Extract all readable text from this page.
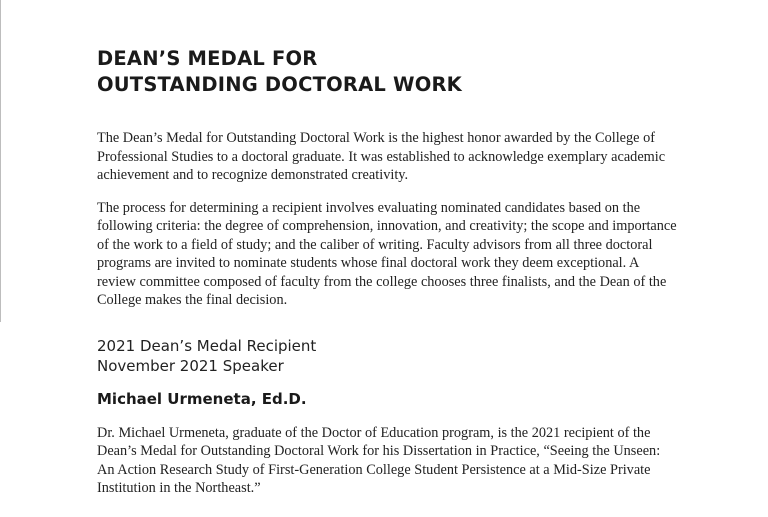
DEAN’S MEDAL FOR
OUTSTANDING DOCTORAL WORK

The Dean’s Medal for Outstanding Doctoral Work is the highest honor awarded by the College of Professional Studies to a doctoral graduate. It was established to acknowledge exemplary academic achievement and to recognize demonstrated creativity.

The process for determining a recipient involves evaluating nominated candidates based on the following criteria: the degree of comprehension, innovation, and creativity; the scope and importance of the work to a field of study; and the caliber of writing. Faculty advisors from all three doctoral programs are invited to nominate students whose final doctoral work they deem exceptional. A review committee composed of faculty from the college chooses three finalists, and the Dean of the College makes the final decision.

2021 Dean’s Medal Recipient
November 2021 Speaker
Michael Urmeneta, Ed.D.

Dr. Michael Urmeneta, graduate of the Doctor of Education program, is the 2021 recipient of the Dean’s Medal for Outstanding Doctoral Work for his Dissertation in Practice, “Seeing the Unseen: An Action Research Study of First-Generation College Student Persistence at a Mid-Size Private Institution in the Northeast.”
